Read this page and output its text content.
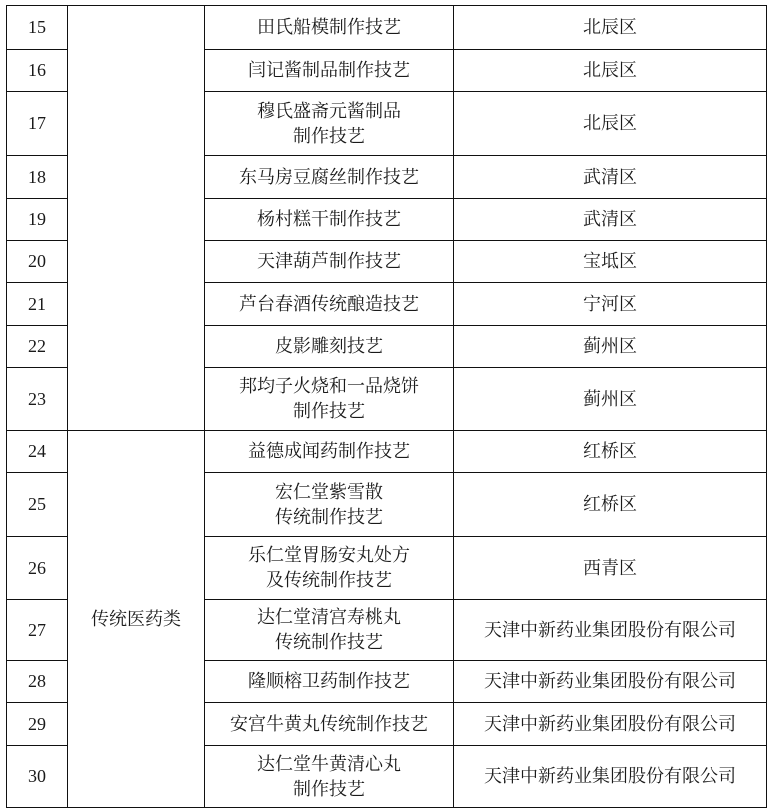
15		田氏船模制作技艺	北辰区
16		闫记酱制品制作技艺	北辰区
17		穆氏盛斋元酱制品
制作技艺	北辰区
18		东马房豆腐丝制作技艺	武清区
19		杨村糕干制作技艺	武清区
20		天津葫芦制作技艺	宝坻区
21		芦台春酒传统酿造技艺	宁河区
22		皮影雕刻技艺	蓟州区
23		邦均子火烧和一品烧饼
制作技艺	蓟州区
24	传统医药类	益德成闻药制作技艺	红桥区
25		宏仁堂紫雪散
传统制作技艺	红桥区
26		乐仁堂胃肠安丸处方
及传统制作技艺	西青区
27		达仁堂清宫寿桃丸
传统制作技艺	天津中新药业集团股份有限公司
28		隆顺榕卫药制作技艺	天津中新药业集团股份有限公司
29		安宫牛黄丸传统制作技艺	天津中新药业集团股份有限公司
30		达仁堂牛黄清心丸
制作技艺	天津中新药业集团股份有限公司
